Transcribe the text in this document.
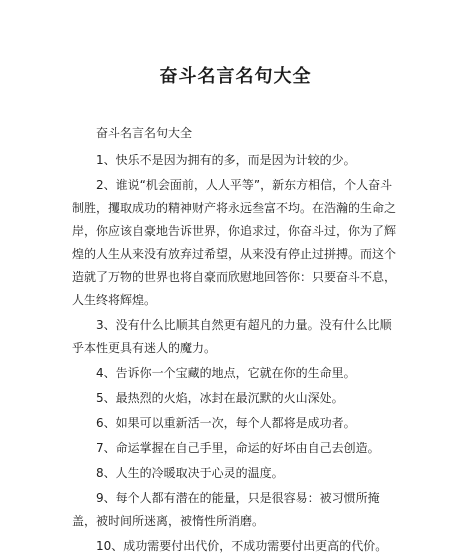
奋斗名言名句大全

奋斗名言名句大全

1、快乐不是因为拥有的多，而是因为计较的少。

2、谁说“机会面前，人人平等”，新东方相信，个人奋斗制胜，攫取成功的精神财产将永远叁富不均。在浩瀚的生命之岸，你应该自豪地告诉世界，你追求过，你奋斗过，你为了辉煌的人生从来没有放弃过希望，从来没有停止过拼搏。而这个造就了万物的世界也将自豪而欣慰地回答你：只要奋斗不息，人生终将辉煌。

3、没有什么比顺其自然更有超凡的力量。没有什么比顺乎本性更具有迷人的魔力。

4、告诉你一个宝藏的地点，它就在你的生命里。

5、最热烈的火焰，冰封在最沉默的火山深处。

6、如果可以重新活一次，每个人都将是成功者。

7、命运掌握在自己手里，命运的好坏由自己去创造。

8、人生的冷暖取决于心灵的温度。

9、每个人都有潜在的能量，只是很容易：被习惯所掩盖，被时间所迷离，被惰性所消磨。

10、成功需要付出代价，不成功需要付出更高的代价。
